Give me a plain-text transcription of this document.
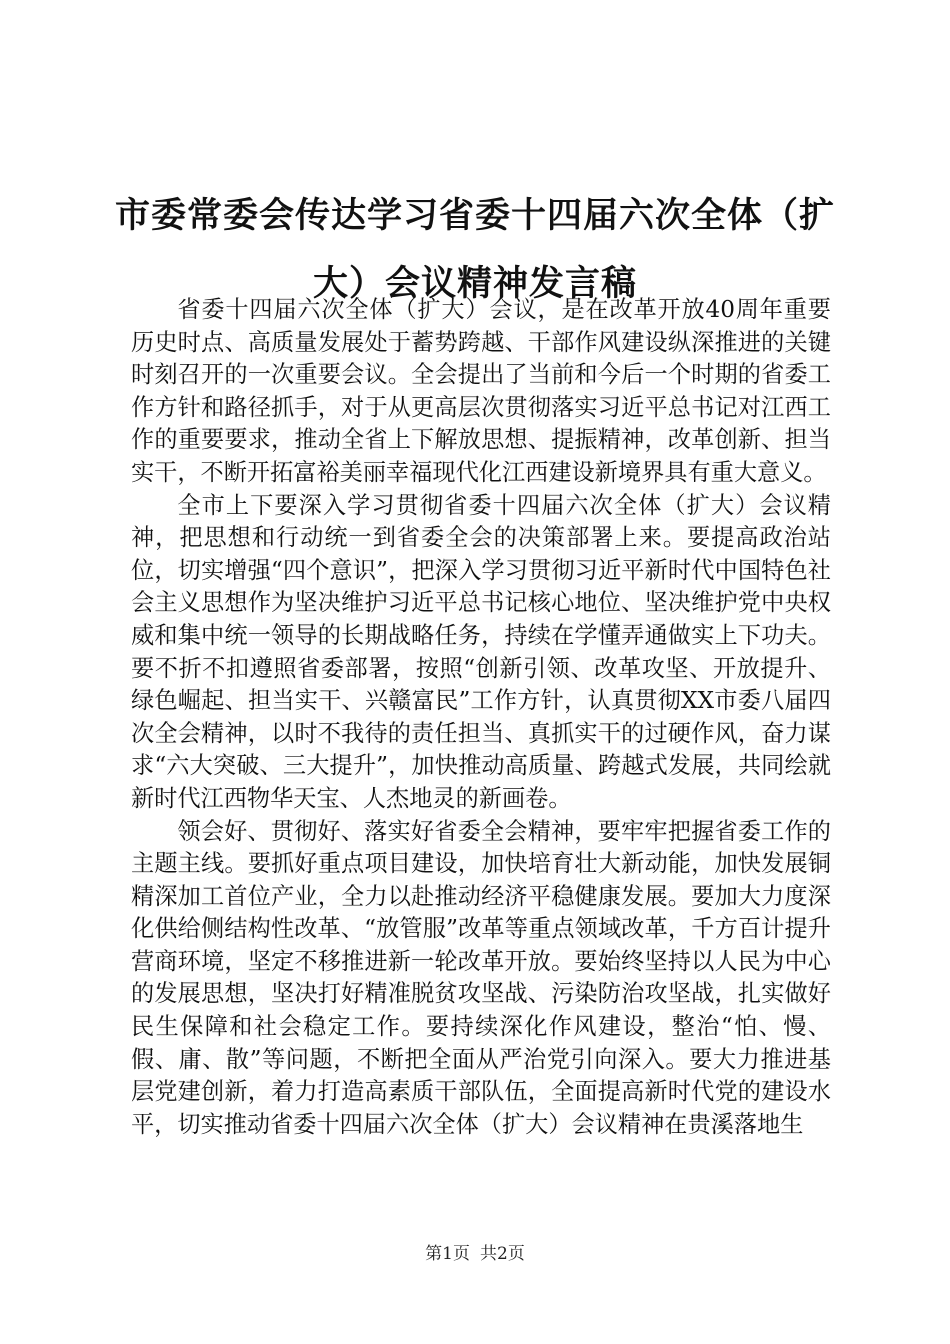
市委常委会传达学习省委十四届六次全体（扩大）会议精神发言稿

省委十四届六次全体（扩大）会议，是在改革开放40周年重要历史时点、高质量发展处于蓄势跨越、干部作风建设纵深推进的关键时刻召开的一次重要会议。全会提出了当前和今后一个时期的省委工作方针和路径抓手，对于从更高层次贯彻落实习近平总书记对江西工作的重要要求，推动全省上下解放思想、提振精神，改革创新、担当实干，不断开拓富裕美丽幸福现代化江西建设新境界具有重大意义。

全市上下要深入学习贯彻省委十四届六次全体（扩大）会议精神，把思想和行动统一到省委全会的决策部署上来。要提高政治站位，切实增强“四个意识”，把深入学习贯彻习近平新时代中国特色社会主义思想作为坚决维护习近平总书记核心地位、坚决维护党中央权威和集中统一领导的长期战略任务，持续在学懂弄通做实上下功夫。要不折不扣遵照省委部署，按照“创新引领、改革攻坚、开放提升、绿色崛起、担当实干、兴赣富民”工作方针，认真贯彻XX市委八届四次全会精神，以时不我待的责任担当、真抓实干的过硬作风，奋力谋求“六大突破、三大提升”，加快推动高质量、跨越式发展，共同绘就新时代江西物华天宝、人杰地灵的新画卷。

领会好、贯彻好、落实好省委全会精神，要牢牢把握省委工作的主题主线。要抓好重点项目建设，加快培育壮大新动能，加快发展铜精深加工首位产业，全力以赴推动经济平稳健康发展。要加大力度深化供给侧结构性改革、“放管服”改革等重点领域改革，千方百计提升营商环境，坚定不移推进新一轮改革开放。要始终坚持以人民为中心的发展思想，坚决打好精准脱贫攻坚战、污染防治攻坚战，扎实做好民生保障和社会稳定工作。要持续深化作风建设，整治“怕、慢、假、庸、散”等问题，不断把全面从严治党引向深入。要大力推进基层党建创新，着力打造高素质干部队伍，全面提高新时代党的建设水平，切实推动省委十四届六次全体（扩大）会议精神在贵溪落地生

第1页 共2页
